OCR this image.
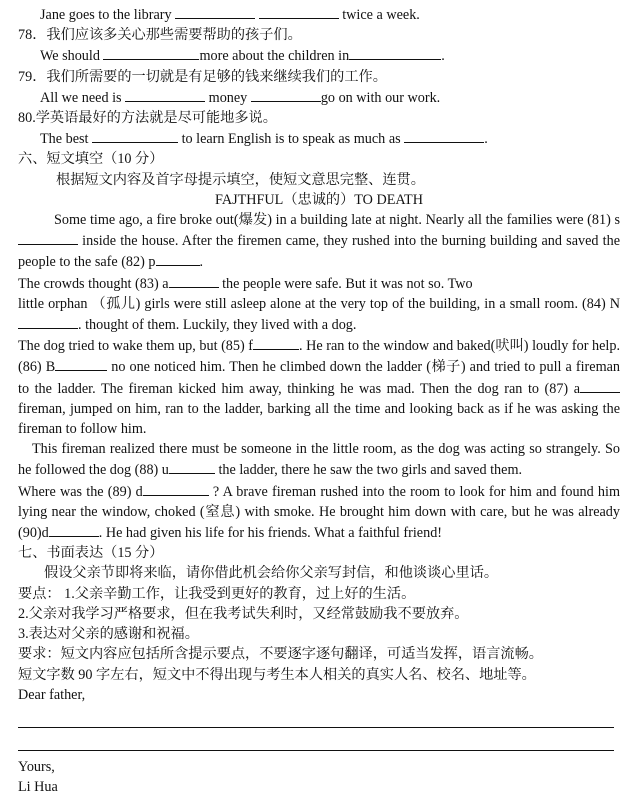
Jane goes to the library	twice a week.

78．我们应该多关心那些需要帮助的孩子们。

We should	more about the children in	.

79．我们所需要的一切就是有足够的钱来继续我们的工作。

All we need is	money	go on with our work.

80.学英语最好的方法就是尽可能地多说。

The best	to learn English is to speak as much as	.

六、短文填空（10 分）

根据短文内容及首字母提示填空，使短文意思完整、连贯。

FAJTHFUL（忠诚的）TO DEATH

Some time ago, a fire broke out(爆发) in a building late at night. Nearly all the families were (81) s inside the house. After the firemen came, they rushed into the burning building and saved the people to the safe (82) p	.

The crowds thought (83) a	the people were safe. But it was not so. Two

little orphan （孤儿) girls were still asleep alone at the very top of the building, in a small room. (84) N. thought of them. Luckily, they lived with a dog.

The dog tried to wake them up, but (85) f	. He ran to the window and baked(吠叫) loudly for help. (86) B	no one noticed him. Then he climbed down the ladder (梯子) and tried to pull a fireman to the ladder. The fireman kicked him away, thinking he was mad. Then the dog ran to (87) a fireman, jumped on him, ran to the ladder, barking all the time and looking back as if he was asking the fireman to follow him.

This fireman realized there must be someone in the little room, as the dog was acting so strangely. So he followed the dog (88) u	the ladder, there he saw the two girls and saved them.

Where was the (89) d	? A brave fireman rushed into the room to look for him and found him lying near the window, choked (窒息) with smoke. He brought him down with care, but he was already (90)d	. He had given his life for his friends. What a faithful friend!

七、书面表达（15 分）

假设父亲节即将来临，请你借此机会给你父亲写封信，和他谈谈心里话。

要点： 1.父亲辛勤工作，让我受到更好的教育，过上好的生活。

2.父亲对我学习严格要求，但在我考试失利时，又经常鼓励我不要放弃。

3.表达对父亲的感谢和祝福。

要求：短文内容应包括所含提示要点，不要逐字逐句翻译，可适当发挥，语言流畅。

短文字数 90 字左右，短文中不得出现与考生本人相关的真实人名、校名、地址等。

Dear father,

Yours,

Li Hua
